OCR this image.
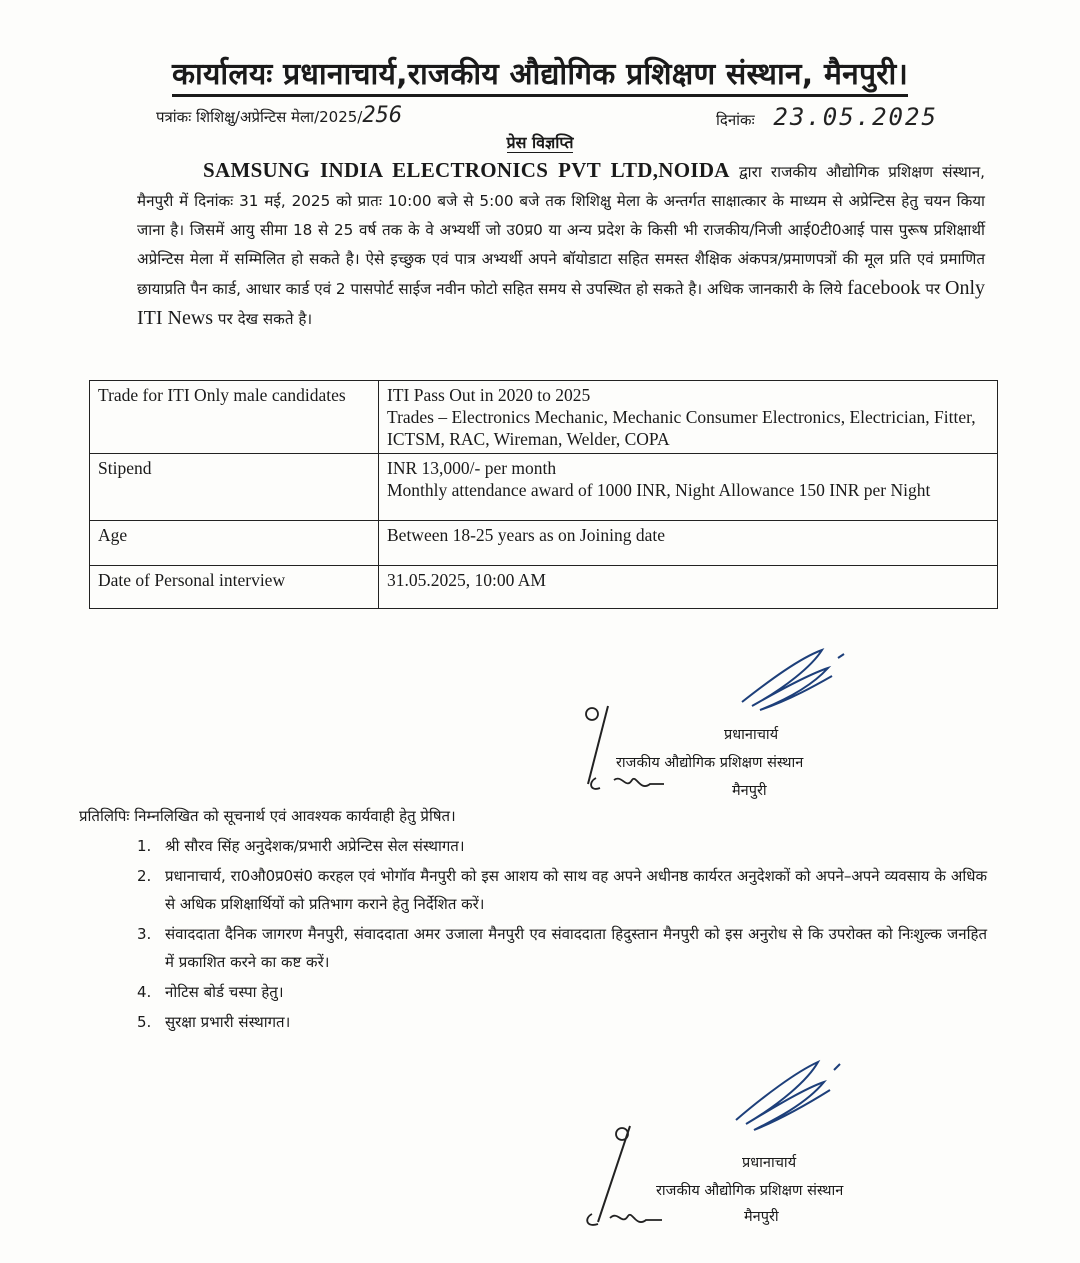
कार्यालयः प्रधानाचार्य,राजकीय औद्योगिक प्रशिक्षण संस्थान, मैनपुरी।
पत्रांकः शिशिक्षु/अप्रेन्टिस मेला/2025/256	दिनांकः 23.05.2025
प्रेस विज्ञप्ति
SAMSUNG INDIA ELECTRONICS PVT LTD,NOIDA द्वारा राजकीय औद्योगिक प्रशिक्षण संस्थान, मैनपुरी में दिनांकः 31 मई, 2025 को प्रातः 10:00 बजे से 5:00 बजे तक शिशिक्षु मेला के अन्तर्गत साक्षात्कार के माध्यम से अप्रेन्टिस हेतु चयन किया जाना है। जिसमें आयु सीमा 18 से 25 वर्ष तक के वे अभ्यर्थी जो उ0प्र0 या अन्य प्रदेश के किसी भी राजकीय/निजी आई0टी0आई पास पुरूष प्रशिक्षार्थी अप्रेन्टिस मेला में सम्मिलित हो सकते है। ऐसे इच्छुक एवं पात्र अभ्यर्थी अपने बॉयोडाटा सहित समस्त शैक्षिक अंकपत्र/प्रमाणपत्रों की मूल प्रति एवं प्रमाणित छायाप्रति पैन कार्ड, आधार कार्ड एवं 2 पासपोर्ट साईज नवीन फोटो सहित समय से उपस्थित हो सकते है। अधिक जानकारी के लिये facebook पर Only ITI News पर देख सकते है।
Trade for ITI Only male candidates	ITI Pass Out in 2020 to 2025
Trades – Electronics Mechanic, Mechanic Consumer Electronics, Electrician, Fitter, ICTSM, RAC, Wireman, Welder, COPA

Stipend	INR 13,000/- per month
Monthly attendance award of 1000 INR, Night Allowance 150 INR per Night

Age	Between 18-25 years as on Joining date

Date of Personal interview	31.05.2025, 10:00 AM
प्रधानाचार्य
राजकीय औद्योगिक प्रशिक्षण संस्थान
मैनपुरी
प्रतिलिपिः निम्नलिखित को सूचनार्थ एवं आवश्यक कार्यवाही हेतु प्रेषित।
1. श्री सौरव सिंह अनुदेशक/प्रभारी अप्रेन्टिस सेल संस्थागत।
2. प्रधानाचार्य, रा0औ0प्र0सं0 करहल एवं भोगॉव मैनपुरी को इस आशय को साथ वह अपने अधीनष्ठ कार्यरत अनुदेशकों को अपने–अपने व्यवसाय के अधिक से अधिक प्रशिक्षार्थियों को प्रतिभाग कराने हेतु निर्देशित करें।
3. संवाददाता दैनिक जागरण मैनपुरी, संवाददाता अमर उजाला मैनपुरी एव संवाददाता हिदुस्तान मैनपुरी को इस अनुरोध से कि उपरोक्त को निःशुल्क जनहित में प्रकाशित करने का कष्ट करें।
4. नोटिस बोर्ड चस्पा हेतु।
5. सुरक्षा प्रभारी संस्थागत।
प्रधानाचार्य
राजकीय औद्योगिक प्रशिक्षण संस्थान
मैनपुरी
